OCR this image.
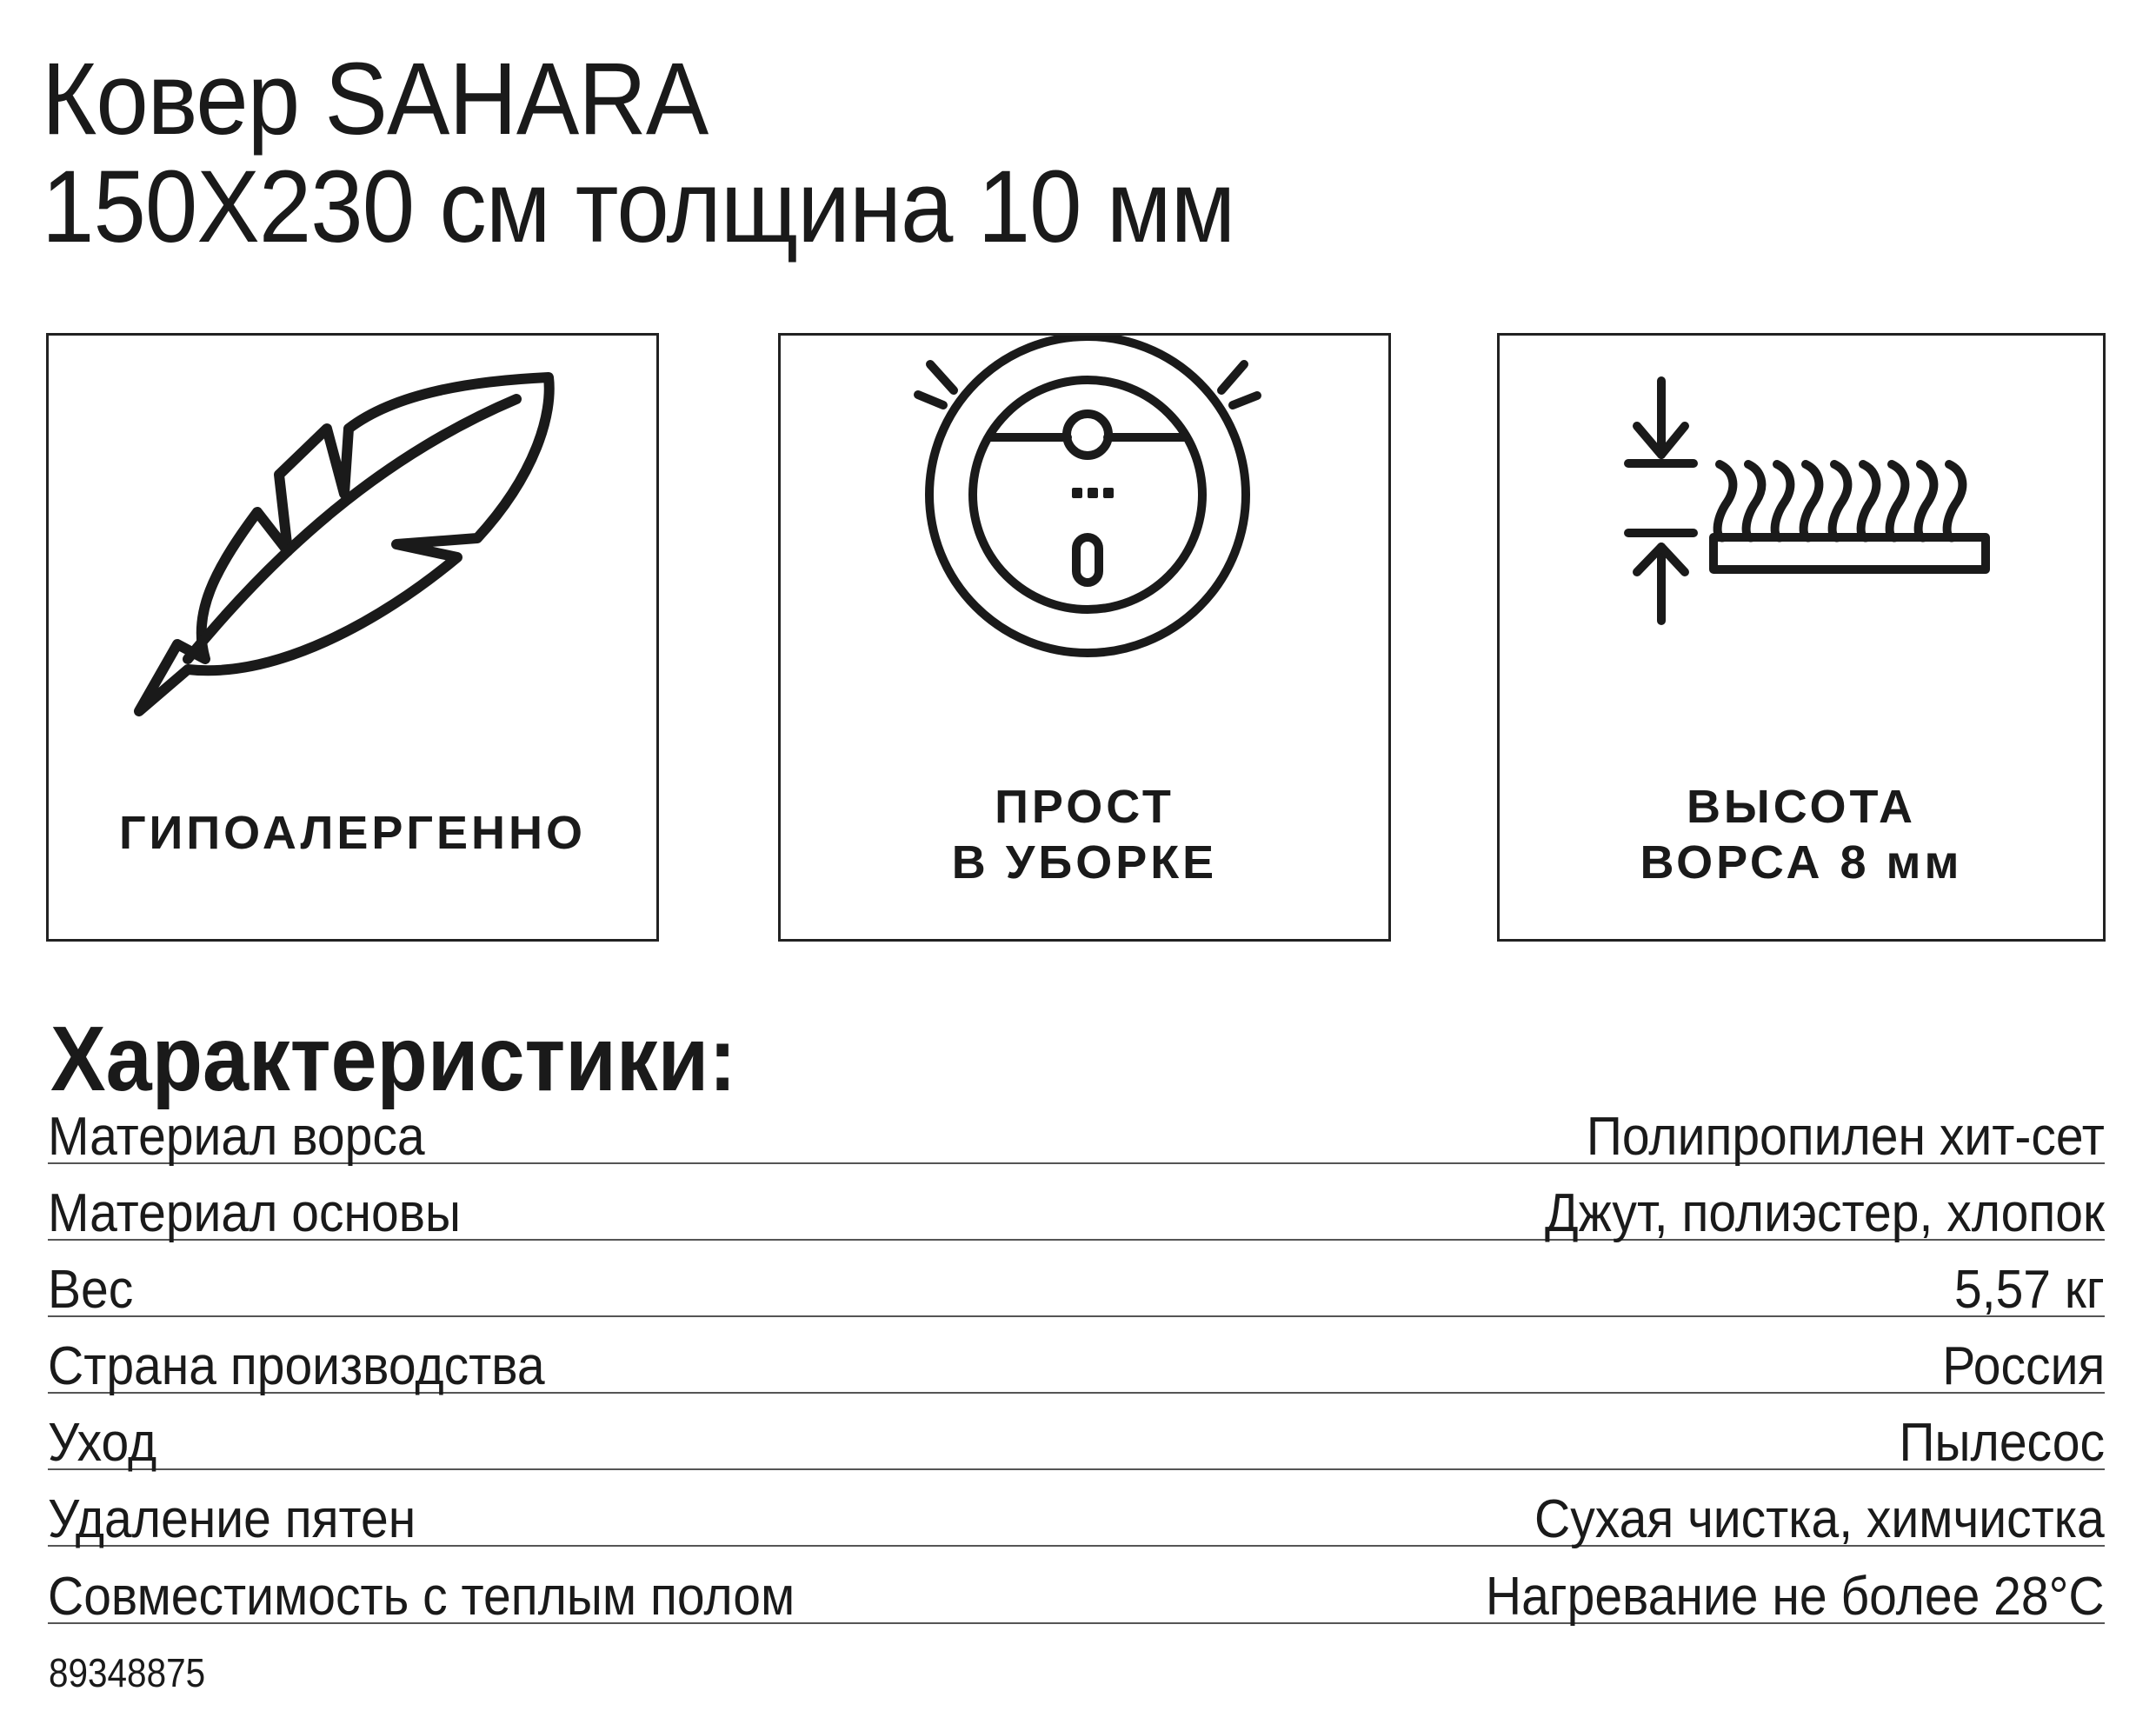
Ковер SAHARA
150X230 см толщина 10 мм
ГИПОАЛЕРГЕННО	ПРОСТ
В УБОРКЕ
ВЫСОТА
ВОРСА 8 мм
Характеристики:
Материал ворса	Полипропилен хит-сет
Материал основы	Джут, полиэстер, хлопок
Вес	5,57 кг
Страна производства	Россия
Уход	Пылесос
Удаление пятен	Сухая чистка, химчистка
Совместимость с теплым полом	Нагревание не более 28°C
89348875
